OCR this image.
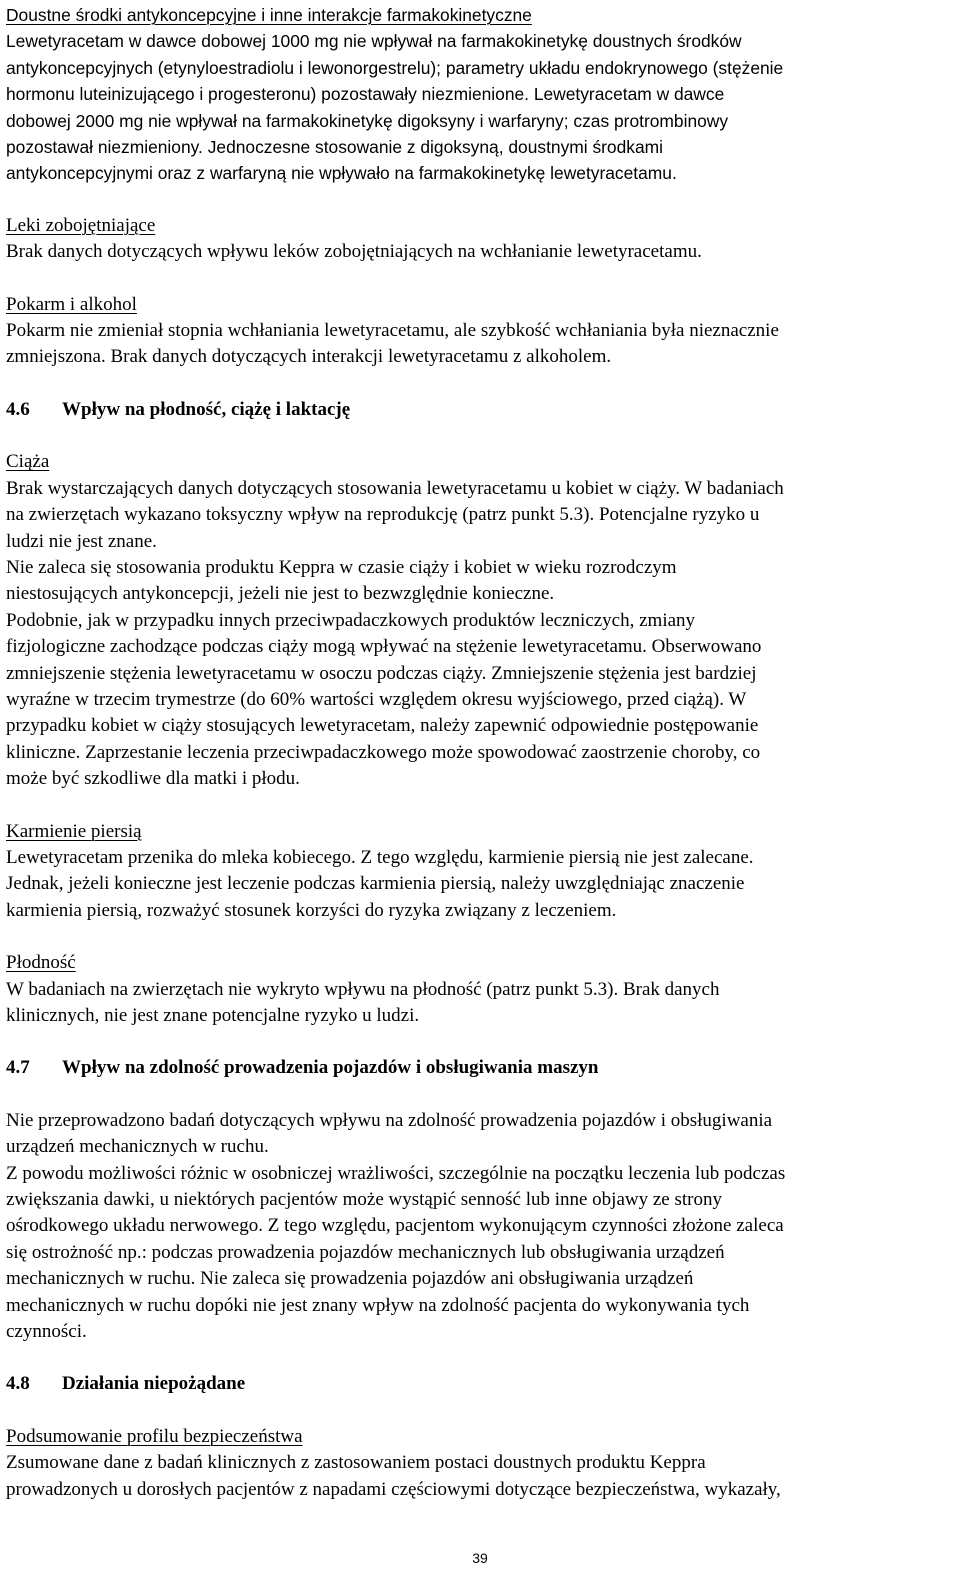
Doustne środki antykoncepcyjne i inne interakcje farmakokinetyczne

Lewetyracetam w dawce dobowej 1000 mg nie wpływał na farmakokinetykę doustnych środków

antykoncepcyjnych (etynyloestradiolu i lewonorgestrelu); parametry układu endokrynowego (stężenie

hormonu luteinizującego i progesteronu) pozostawały niezmienione. Lewetyracetam w dawce

dobowej 2000 mg nie wpływał na farmakokinetykę digoksyny i warfaryny; czas protrombinowy

pozostawał niezmieniony. Jednoczesne stosowanie z digoksyną, doustnymi środkami

antykoncepcyjnymi oraz z warfaryną nie wpływało na farmakokinetykę lewetyracetamu.

Leki zobojętniające

Brak danych dotyczących wpływu leków zobojętniających na wchłanianie lewetyracetamu.

Pokarm i alkohol

Pokarm nie zmieniał stopnia wchłaniania lewetyracetamu, ale szybkość wchłaniania była nieznacznie

zmniejszona. Brak danych dotyczących interakcji lewetyracetamu z alkoholem.

4.6	Wpływ na płodność, ciążę i laktację

Ciąża

Brak wystarczających danych dotyczących stosowania lewetyracetamu u kobiet w ciąży. W badaniach

na zwierzętach wykazano toksyczny wpływ na reprodukcję (patrz punkt 5.3). Potencjalne ryzyko u

ludzi nie jest znane.

Nie zaleca się stosowania produktu Keppra w czasie ciąży i kobiet w wieku rozrodczym

niestosujących antykoncepcji, jeżeli nie jest to bezwzględnie konieczne.

Podobnie, jak w przypadku innych przeciwpadaczkowych produktów leczniczych, zmiany

fizjologiczne zachodzące podczas ciąży mogą wpływać na stężenie lewetyracetamu. Obserwowano

zmniejszenie stężenia lewetyracetamu w osoczu podczas ciąży. Zmniejszenie stężenia jest bardziej

wyraźne w trzecim trymestrze (do 60% wartości względem okresu wyjściowego, przed ciążą). W

przypadku kobiet w ciąży stosujących lewetyracetam, należy zapewnić odpowiednie postępowanie

kliniczne. Zaprzestanie leczenia przeciwpadaczkowego może spowodować zaostrzenie choroby, co

może być szkodliwe dla matki i płodu.

Karmienie piersią

Lewetyracetam przenika do mleka kobiecego. Z tego względu, karmienie piersią nie jest zalecane.

Jednak, jeżeli konieczne jest leczenie podczas karmienia piersią, należy uwzględniając znaczenie

karmienia piersią, rozważyć stosunek korzyści do ryzyka związany z leczeniem.

Płodność

W badaniach na zwierzętach nie wykryto wpływu na płodność (patrz punkt 5.3). Brak danych

klinicznych, nie jest znane potencjalne ryzyko u ludzi.

4.7	Wpływ na zdolność prowadzenia pojazdów i obsługiwania maszyn

Nie przeprowadzono badań dotyczących wpływu na zdolność prowadzenia pojazdów i obsługiwania

urządzeń mechanicznych w ruchu.

Z powodu możliwości różnic w osobniczej wrażliwości, szczególnie na początku leczenia lub podczas

zwiększania dawki, u niektórych pacjentów może wystąpić senność lub inne objawy ze strony

ośrodkowego układu nerwowego. Z tego względu, pacjentom wykonującym czynności złożone zaleca

się ostrożność np.: podczas prowadzenia pojazdów mechanicznych lub obsługiwania urządzeń

mechanicznych w ruchu. Nie zaleca się prowadzenia pojazdów ani obsługiwania urządzeń

mechanicznych w ruchu dopóki nie jest znany wpływ na zdolność pacjenta do wykonywania tych

czynności.

4.8	Działania niepożądane

Podsumowanie profilu bezpieczeństwa

Zsumowane dane z badań klinicznych z zastosowaniem postaci doustnych produktu Keppra

prowadzonych u dorosłych pacjentów z napadami częściowymi dotyczące bezpieczeństwa, wykazały,

39
